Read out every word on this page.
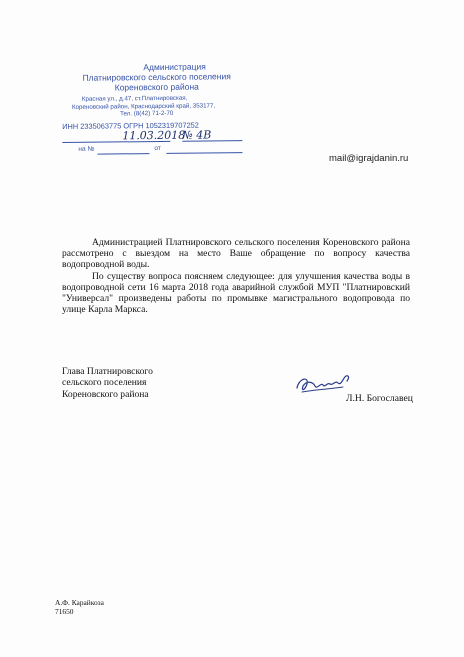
Администрация
Платнировского сельского поселения
Кореновского района
Красная ул., д.47, ст.Платнировская,
Кореновский район, Краснодарский край, 353177,
Тел. (8(42) 71-2-70
ИНН 2335063775 ОГРН 1052319707252
11.03.2018
№ 4В
на №	от
mail@igrajdanin.ru

Администрацией Платнировского сельского поселения Кореновского района рассмотрено с выездом на место Ваше обращение по вопросу качества водопроводной воды.

По существу вопроса поясняем следующее: для улучшения качества воды в водопроводной сети 16 марта 2018 года аварийной службой МУП "Платнировский "Универсал" произведены работы по промывке магистрального водопровода по улице Карла Маркса.

Глава Платнировского
сельского поселения
Кореновского района	Л.Н. Богославец
А.Ф. Карайкоза
71650
